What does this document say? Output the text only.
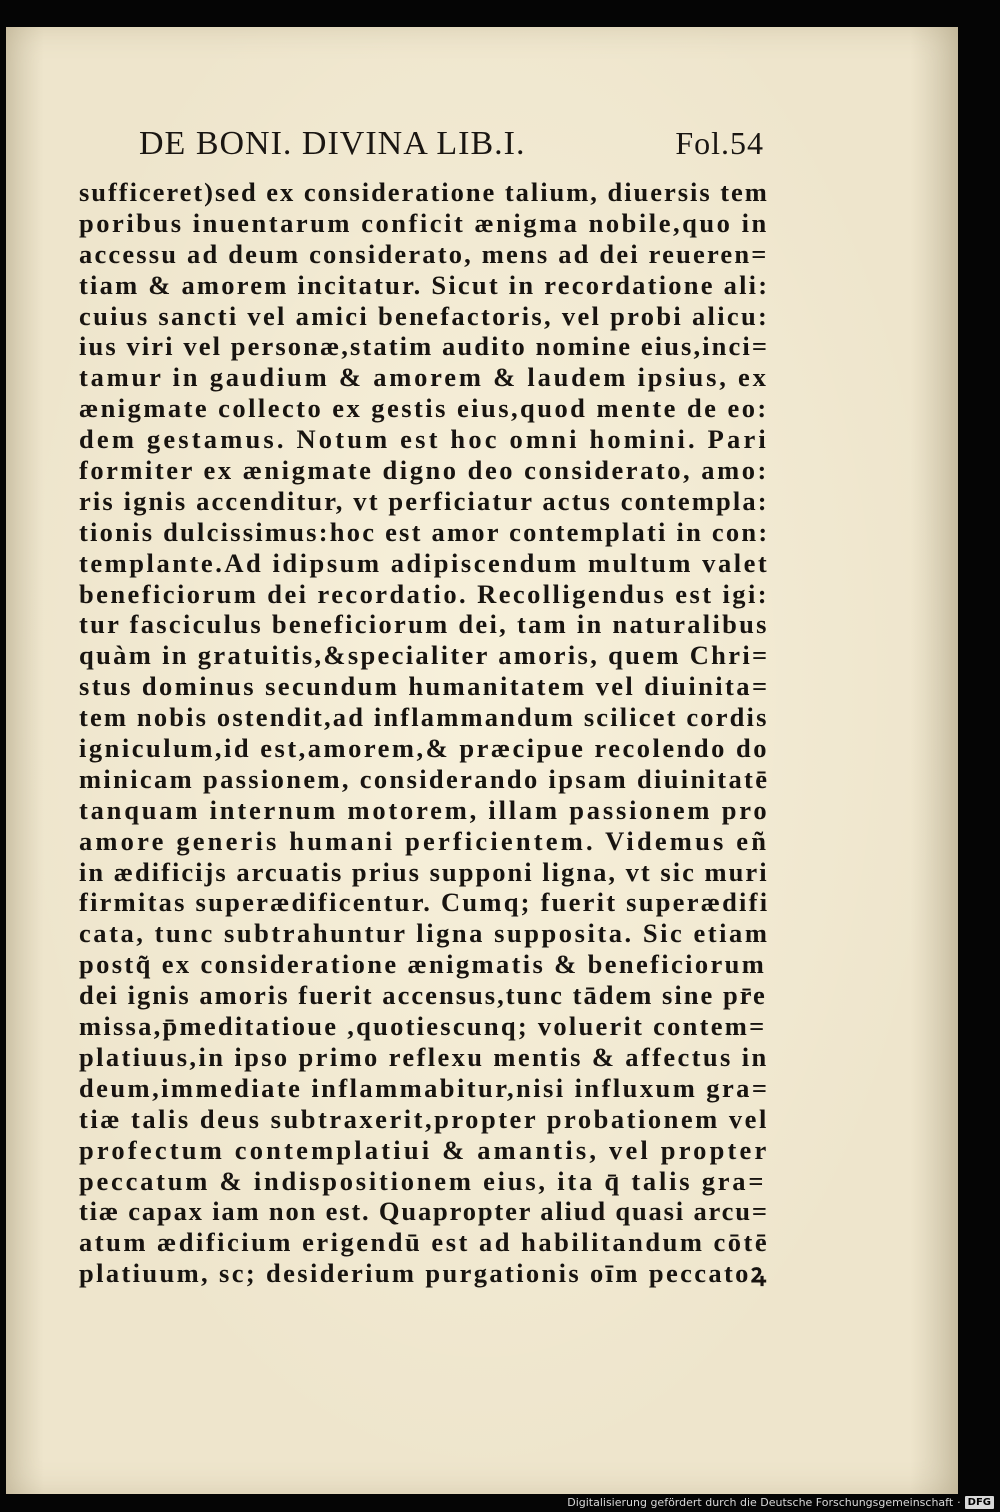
DE BONI. DIVINA LIB.I.	Fol.54
sufficeret)sed ex consideratione talium, diuersis tem
poribus inuentarum conficit ænigma nobile,quo in
accessu ad deum considerato, mens ad dei reueren=
tiam & amorem incitatur. Sicut in recordatione ali:
cuius sancti vel amici benefactoris, vel probi alicu:
ius viri vel personæ,statim audito nomine eius,inci=
tamur in gaudium & amorem & laudem ipsius, ex
ænigmate collecto ex gestis eius,quod mente de eo:
dem gestamus. Notum est hoc omni homini. Pari
formiter ex ænigmate digno deo considerato, amo:
ris ignis accenditur, vt perficiatur actus contempla:
tionis dulcissimus:hoc est amor contemplati in con:
templante.Ad idipsum adipiscendum multum valet
beneficiorum dei recordatio. Recolligendus est igi:
tur fasciculus beneficiorum dei, tam in naturalibus
quàm in gratuitis,&specialiter amoris, quem Chri=
stus dominus secundum humanitatem vel diuinita=
tem nobis ostendit,ad inflammandum scilicet cordis
igniculum,id est,amorem,& præcipue recolendo do
minicam passionem, considerando ipsam diuinitatē
tanquam internum motorem, illam passionem pro
amore generis humani perficientem. Videmus eñ
in ædificijs arcuatis prius supponi ligna, vt sic muri
firmitas superædificentur. Cumq; fuerit superædifi
cata, tunc subtrahuntur ligna supposita. Sic etiam
postq̃ ex consideratione ænigmatis & beneficiorum
dei ignis amoris fuerit accensus,tunc tādem sine pr̄e
missa,p̄meditatioue ,quotiescunq; voluerit contem=
platiuus,in ipso primo reflexu mentis & affectus in
deum,immediate inflammabitur,nisi influxum gra=
tiæ talis deus subtraxerit,propter probationem vel
profectum contemplatiui & amantis, vel propter
peccatum & indispositionem eius, ita q̄ talis gra=
tiæ capax iam non est. Quapropter aliud quasi arcu=
atum ædificium erigendū est ad habilitandum cōtē
platiuum, sc; desiderium purgationis oīm peccatoꝝ
Digitalisierung gefördert durch die Deutsche Forschungsgemeinschaft · DFG
